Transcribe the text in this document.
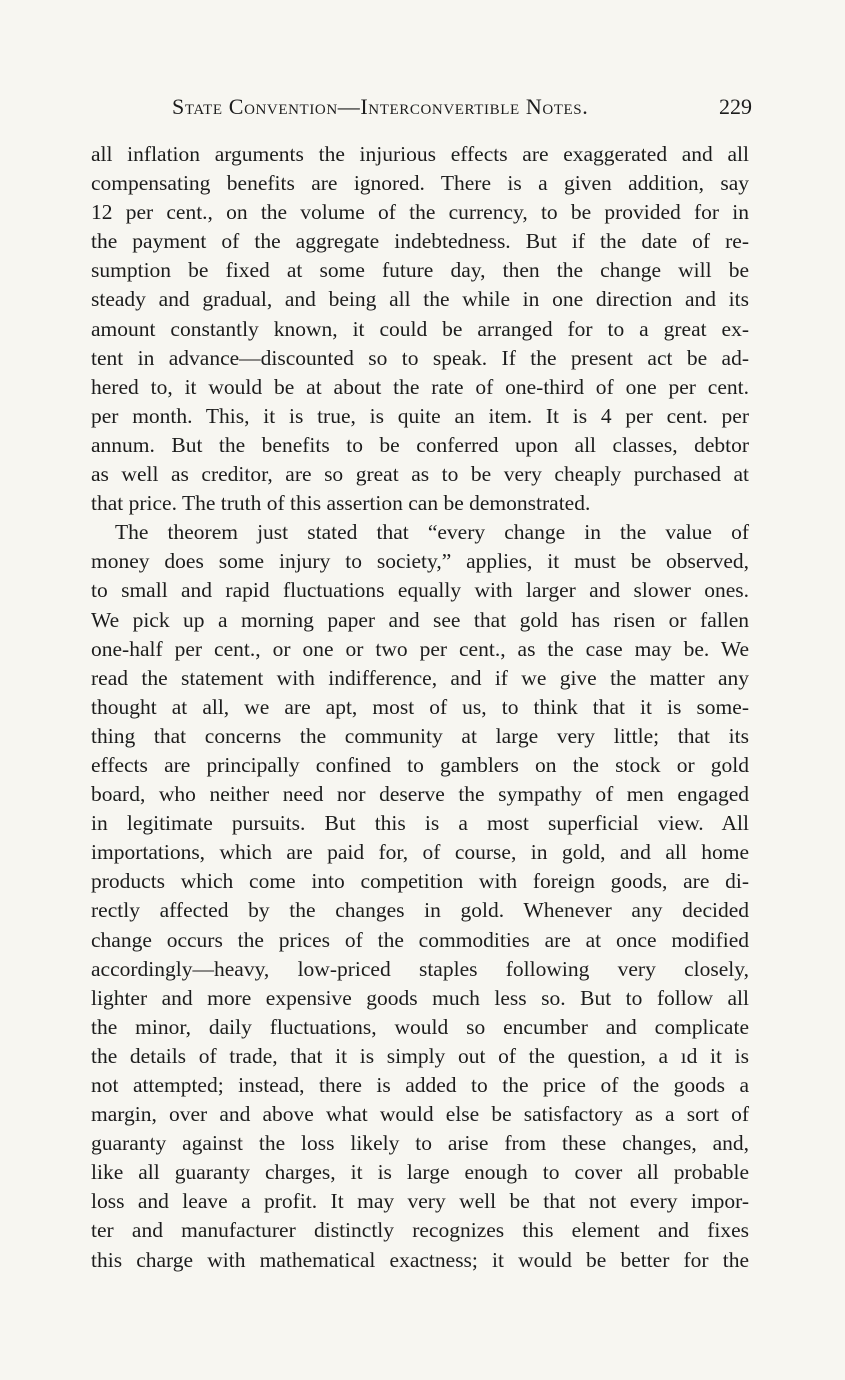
State Convention—Interconvertible Notes.	229
all inflation arguments the injurious effects are exaggerated and all
compensating benefits are ignored. There is a given addition, say
12 per cent., on the volume of the currency, to be provided for in
the payment of the aggregate indebtedness. But if the date of re-
sumption be fixed at some future day, then the change will be
steady and gradual, and being all the while in one direction and its
amount constantly known, it could be arranged for to a great ex-
tent in advance—discounted so to speak. If the present act be ad-
hered to, it would be at about the rate of one-third of one per cent.
per month. This, it is true, is quite an item. It is 4 per cent. per
annum. But the benefits to be conferred upon all classes, debtor
as well as creditor, are so great as to be very cheaply purchased at
that price. The truth of this assertion can be demonstrated.
The theorem just stated that “every change in the value of
money does some injury to society,” applies, it must be observed,
to small and rapid fluctuations equally with larger and slower ones.
We pick up a morning paper and see that gold has risen or fallen
one-half per cent., or one or two per cent., as the case may be. We
read the statement with indifference, and if we give the matter any
thought at all, we are apt, most of us, to think that it is some-
thing that concerns the community at large very little; that its
effects are principally confined to gamblers on the stock or gold
board, who neither need nor deserve the sympathy of men engaged
in legitimate pursuits. But this is a most superficial view. All
importations, which are paid for, of course, in gold, and all home
products which come into competition with foreign goods, are di-
rectly affected by the changes in gold. Whenever any decided
change occurs the prices of the commodities are at once modified
accordingly—heavy, low-priced staples following very closely,
lighter and more expensive goods much less so. But to follow all
the minor, daily fluctuations, would so encumber and complicate
the details of trade, that it is simply out of the question, a ıd it is
not attempted; instead, there is added to the price of the goods a
margin, over and above what would else be satisfactory as a sort of
guaranty against the loss likely to arise from these changes, and,
like all guaranty charges, it is large enough to cover all probable
loss and leave a profit. It may very well be that not every impor-
ter and manufacturer distinctly recognizes this element and fixes
this charge with mathematical exactness; it would be better for the
